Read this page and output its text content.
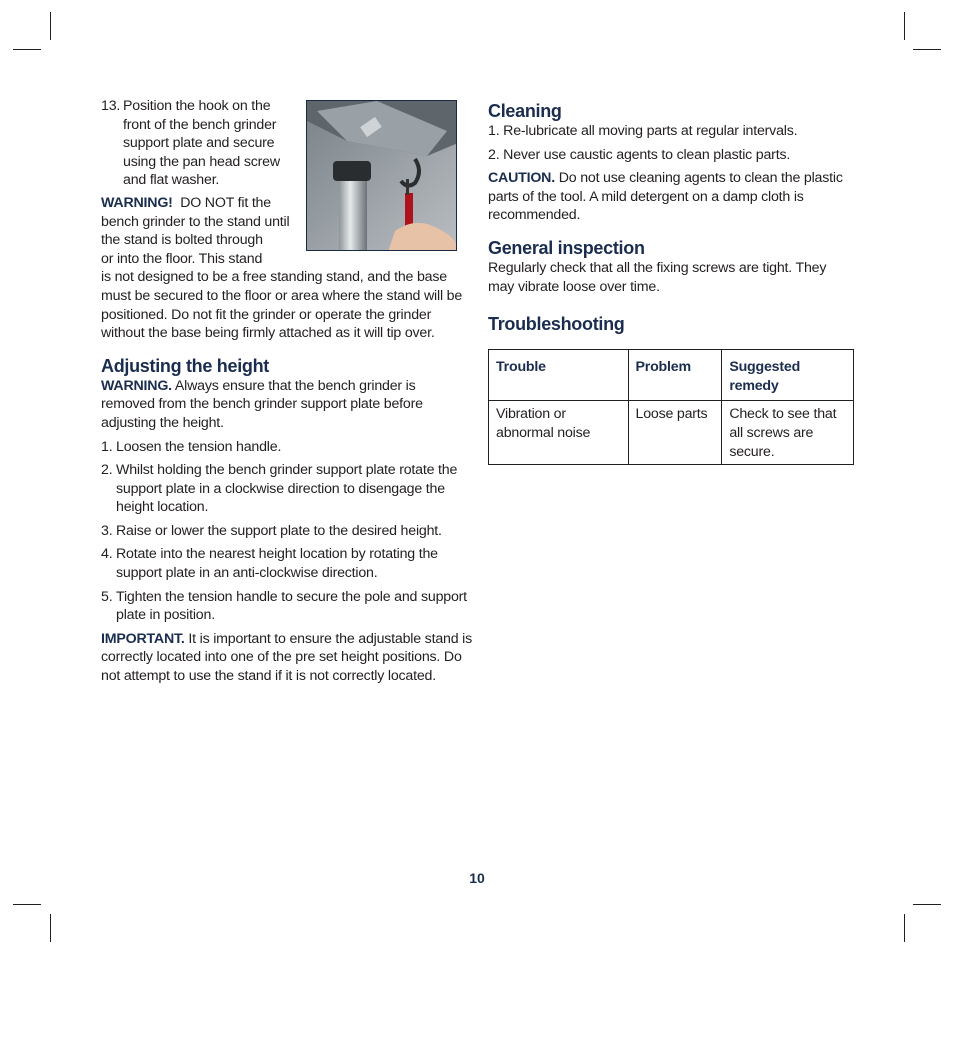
13. Position the hook on the front of the bench grinder support plate and secure using the pan head screw and flat washer.
WARNING! DO NOT fit the
bench grinder to the stand until
the stand is bolted through
or into the floor. This stand

is not designed to be a free standing stand, and the base must be secured to the floor or area where the stand will be positioned. Do not fit the grinder or operate the grinder without the base being firmly attached as it will tip over.

Adjusting the height

WARNING. Always ensure that the bench grinder is removed from the bench grinder support plate before adjusting the height.

1. Loosen the tension handle.
2. Whilst holding the bench grinder support plate rotate the support plate in a clockwise direction to disengage the height location.
3. Raise or lower the support plate to the desired height.
4. Rotate into the nearest height location by rotating the support plate in an anti-clockwise direction.
5. Tighten the tension handle to secure the pole and support plate in position.

IMPORTANT. It is important to ensure the adjustable stand is correctly located into one of the pre set height positions. Do not attempt to use the stand if it is not correctly located.

Cleaning

1. Re-lubricate all moving parts at regular intervals.

2. Never use caustic agents to clean plastic parts.

CAUTION. Do not use cleaning agents to clean the plastic parts of the tool. A mild detergent on a damp cloth is recommended.

General inspection

Regularly check that all the fixing screws are tight. They may vibrate loose over time.

Troubleshooting
Trouble	Problem	Suggested remedy
Vibration or abnormal noise	Loose parts	Check to see that all screws are secure.
10
